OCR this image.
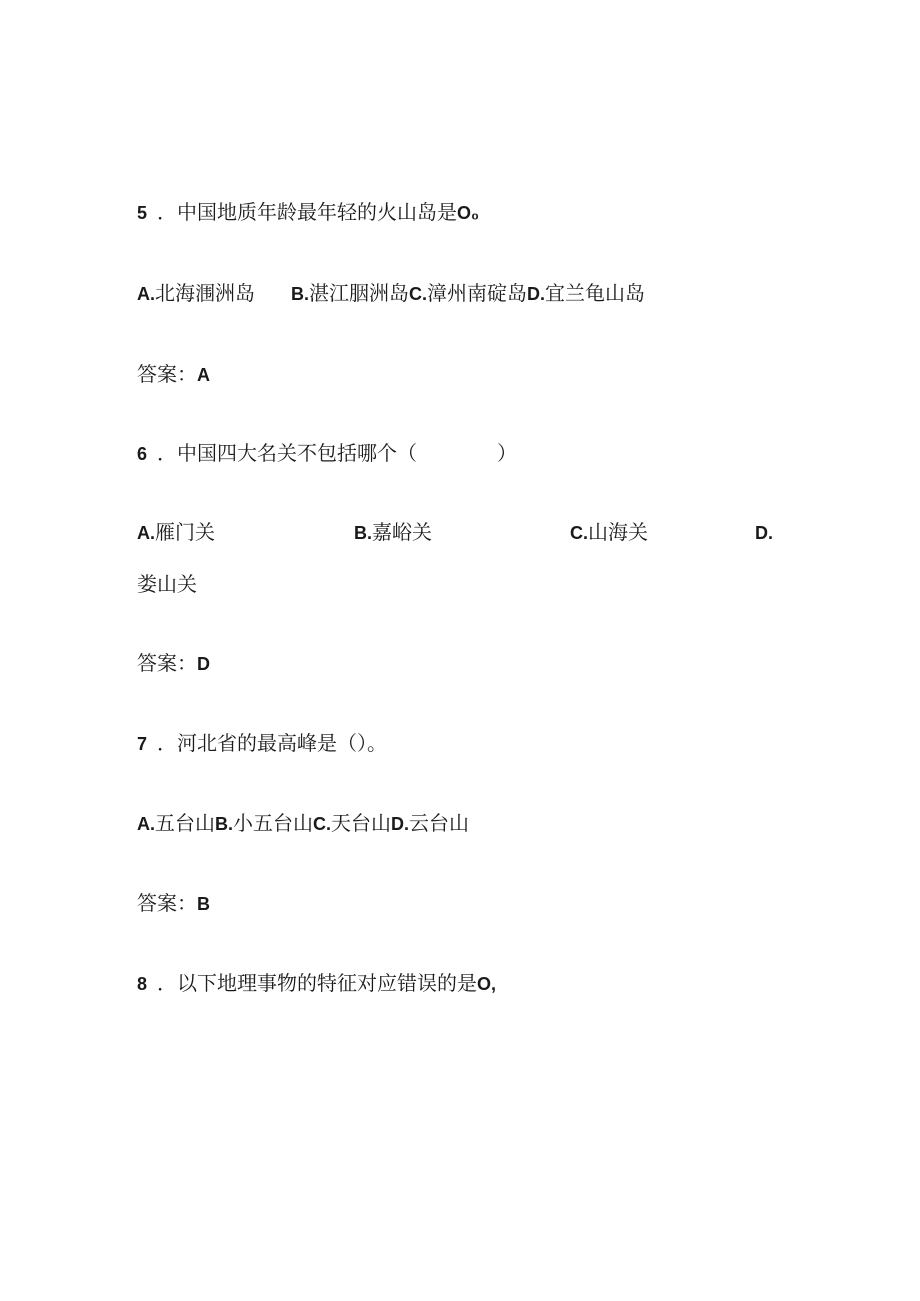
5 ．中国地质年龄最年轻的火山岛是O₀
A.北海涠洲岛 B.湛江胭洲岛C.漳州南碇岛D.宜兰龟山岛
答案：A
6 ．中国四大名关不包括哪个（　　　　）
A.雁门关	B.嘉峪关	C.山海关	D.
娄山关
答案：D
7 ．河北省的最高峰是（）。
A.五台山B.小五台山C.天台山D.云台山
答案：B
8 ．以下地理事物的特征对应错误的是O,
